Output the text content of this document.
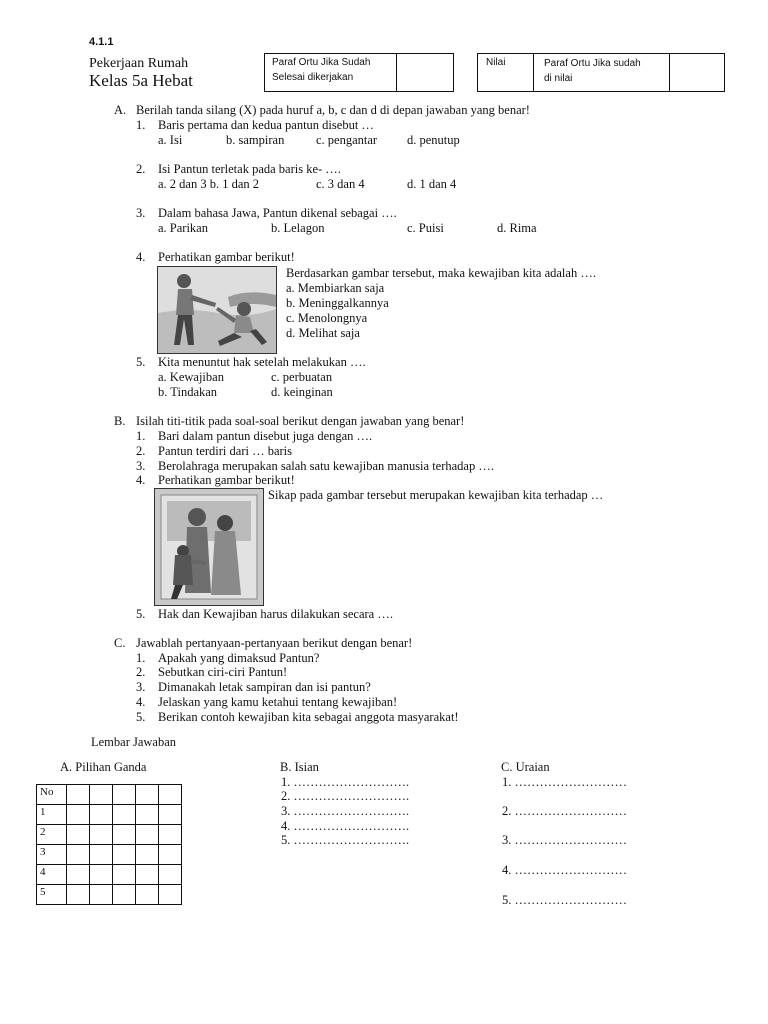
4.1.1
Pekerjaan Rumah
Kelas 5a Hebat
Paraf Ortu Jika Sudah
Selesai dikerjakan
Nilai	Paraf Ortu Jika sudah
di nilai
A. Berilah tanda silang (X) pada huruf a, b, c dan d di depan jawaban yang benar!
1. Baris pertama dan kedua pantun disebut …
a. Isi	b. sampiran	c. pengantar d. penutup
2. Isi Pantun terletak pada baris ke- ….
a. 2 dan 3 b. 1 dan 2	c. 3 dan 4	d. 1 dan 4
3. Dalam bahasa Jawa, Pantun dikenal sebagai ….
a. Parikan	b. Lelagon	c. Puisi	d. Rima
4. Perhatikan gambar berikut!
Berdasarkan gambar tersebut, maka kewajiban kita adalah ….
a. Membiarkan saja
b. Meninggalkannya
c. Menolongnya
d. Melihat saja
5. Kita menuntut hak setelah melakukan ….
a. Kewajiban	c. perbuatan
b. Tindakan	d. keinginan
B. Isilah titi-titik pada soal-soal berikut dengan jawaban yang benar!
1. Bari dalam pantun disebut juga dengan ….
2. Pantun terdiri dari … baris
3. Berolahraga merupakan salah satu kewajiban manusia terhadap ….
4. Perhatikan gambar berikut!
Sikap pada gambar tersebut merupakan kewajiban kita terhadap …
5. Hak dan Kewajiban harus dilakukan secara ….
C. Jawablah pertanyaan-pertanyaan berikut dengan benar!
1. Apakah yang dimaksud Pantun?
2. Sebutkan ciri-ciri Pantun!
3. Dimanakah letak sampiran dan isi pantun?
4. Jelaskan yang kamu ketahui tentang kewajiban!
5. Berikan contoh kewajiban kita sebagai anggota masyarakat!
Lembar Jawaban
A. Pilihan Ganda
No					
1					
2					
3					
4					
5					
B. Isian
1. ……………………….
2. ……………………….
3. ……………………….
4. ……………………….
5. ……………………….
C. Uraian
1. ………………………
2. ………………………
3. ………………………
4. ………………………
5. ………………………
